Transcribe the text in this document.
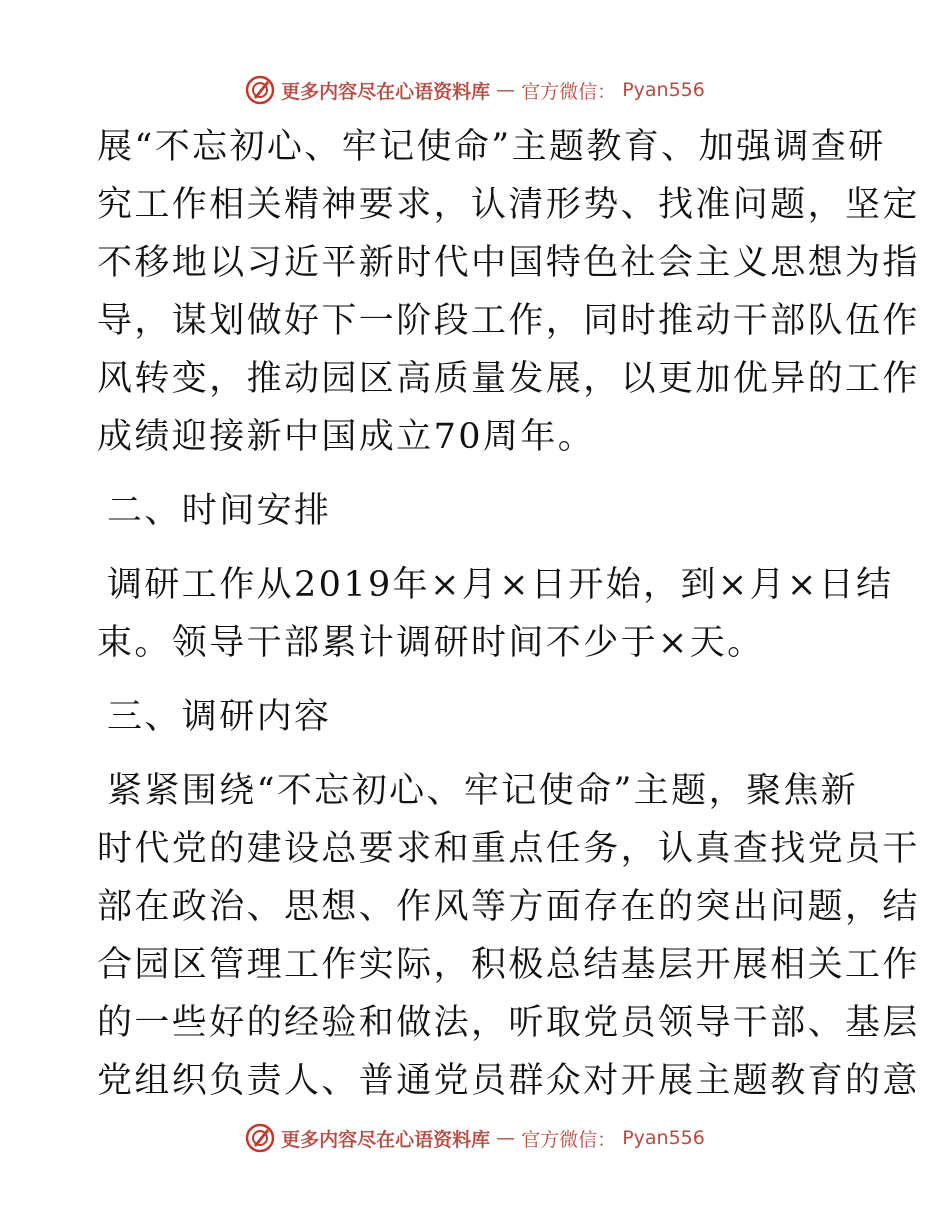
更多内容尽在心语资料库 — 官方微信： Pyan556
展“不忘初心、牢记使命”主题教育、加强调查研
究工作相关精神要求，认清形势、找准问题，坚定
不移地以习近平新时代中国特色社会主义思想为指
导，谋划做好下一阶段工作，同时推动干部队伍作
风转变，推动园区高质量发展，以更加优异的工作
成绩迎接新中国成立70周年。
二、时间安排
调研工作从2019年×月×日开始，到×月×日结
束。领导干部累计调研时间不少于×天。
三、调研内容
紧紧围绕“不忘初心、牢记使命”主题，聚焦新
时代党的建设总要求和重点任务，认真查找党员干
部在政治、思想、作风等方面存在的突出问题，结
合园区管理工作实际，积极总结基层开展相关工作
的一些好的经验和做法，听取党员领导干部、基层
党组织负责人、普通党员群众对开展主题教育的意
更多内容尽在心语资料库 — 官方微信： Pyan556
